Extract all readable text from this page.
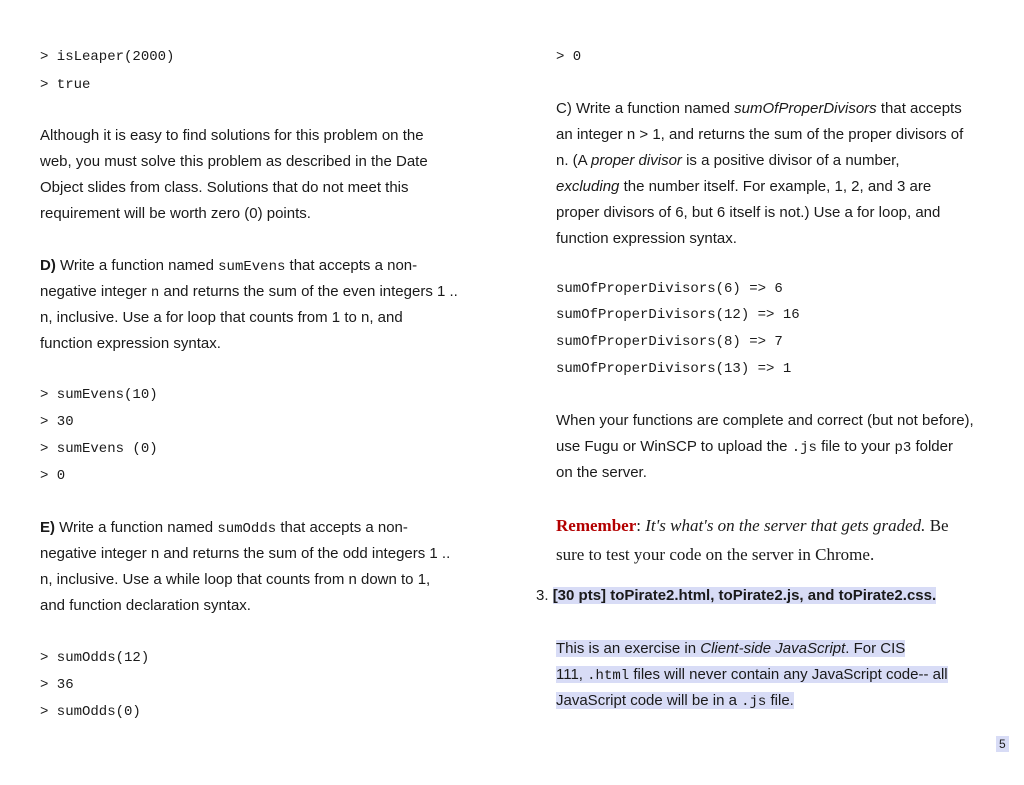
> isLeaper(2000)
> true
Although it is easy to find solutions for this problem on the
web, you must solve this problem as described in the Date
Object slides from class. Solutions that do not meet this
requirement will be worth zero (0) points.
D) Write a function named sumEvens that accepts a non-
negative integer n and returns the sum of the even integers 1 ..
n, inclusive. Use a for loop that counts from 1 to n, and
function expression syntax.
> sumEvens(10)
> 30
> sumEvens (0)
> 0
E) Write a function named sumOdds that accepts a non-
negative integer n and returns the sum of the odd integers 1 ..
n, inclusive. Use a while loop that counts from n down to 1,
and function declaration syntax.
> sumOdds(12)
> 36
> sumOdds(0)
> 0
C) Write a function named sumOfProperDivisors that accepts
an integer n > 1, and returns the sum of the proper divisors of
n. (A proper divisor is a positive divisor of a number,
excluding the number itself. For example, 1, 2, and 3 are
proper divisors of 6, but 6 itself is not.) Use a for loop, and
function expression syntax.
sumOfProperDivisors(6) => 6
sumOfProperDivisors(12) => 16
sumOfProperDivisors(8) => 7
sumOfProperDivisors(13) => 1
When your functions are complete and correct (but not before),
use Fugu or WinSCP to upload the .js file to your p3 folder
on the server.
Remember: It's what's on the server that gets graded. Be
sure to test your code on the server in Chrome.
3. [30 pts] toPirate2.html, toPirate2.js, and toPirate2.css.
This is an exercise in Client-side JavaScript. For CIS
111, .html files will never contain any JavaScript code-- all
JavaScript code will be in a .js file.
5
